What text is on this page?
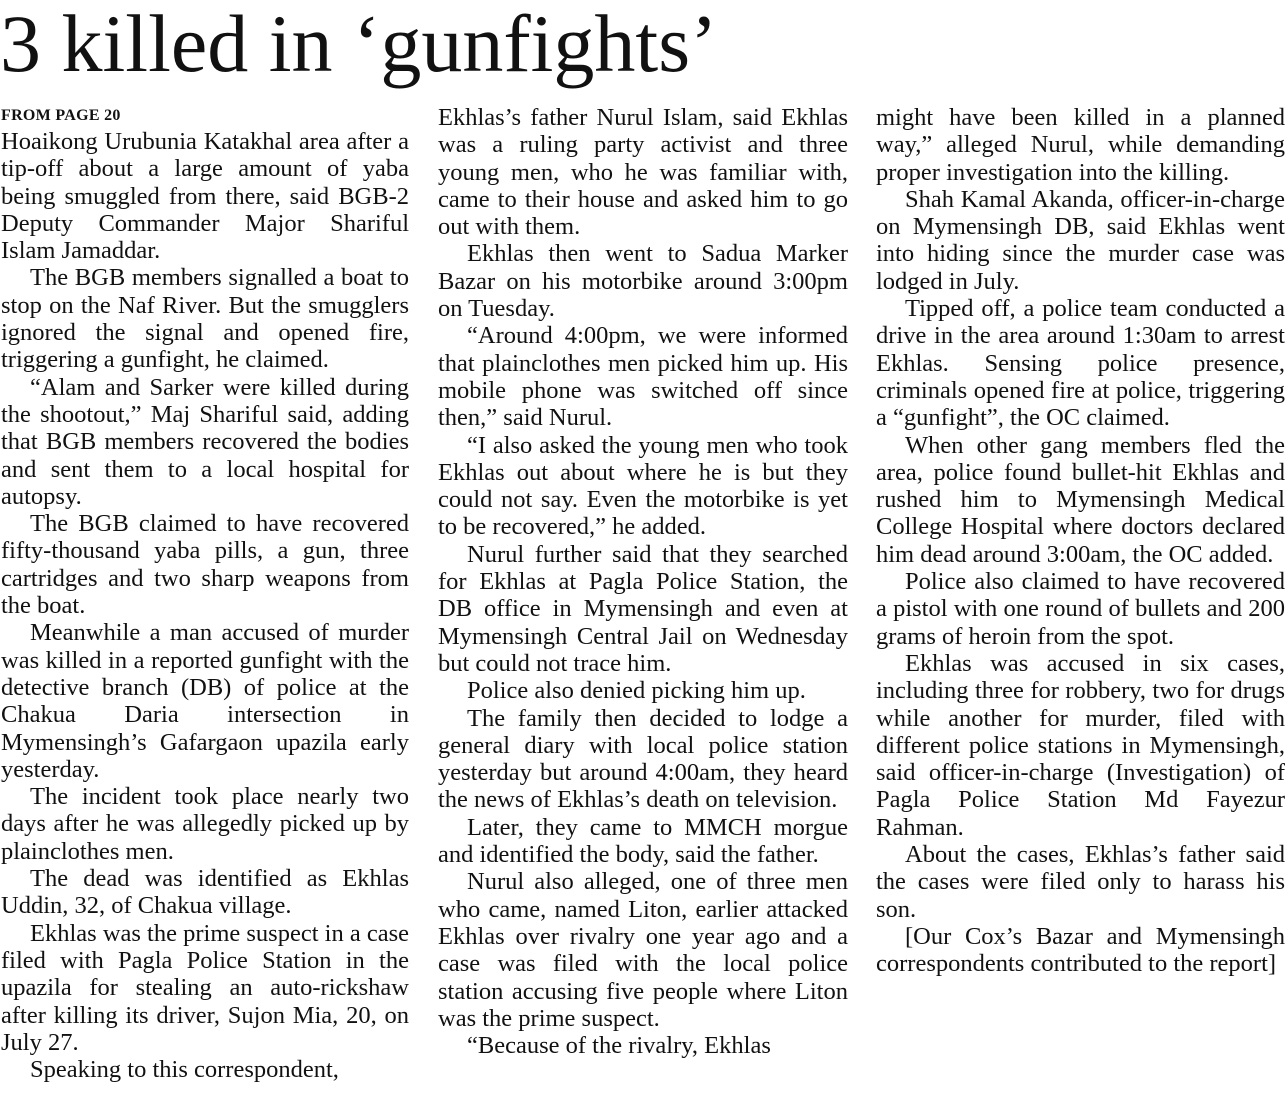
3 killed in ‘gunfights’
FROM PAGE 20

Hoaikong Urubunia Katakhal area after a tip-off about a large amount of yaba being smuggled from there, said BGB-2 Deputy Commander Major Shariful Islam Jamaddar.

The BGB members signalled a boat to stop on the Naf River. But the smugglers ignored the signal and opened fire, triggering a gunfight, he claimed.

“Alam and Sarker were killed during the shootout,” Maj Shariful said, adding that BGB members recovered the bodies and sent them to a local hospital for autopsy.

The BGB claimed to have recovered fifty-thousand yaba pills, a gun, three cartridges and two sharp weapons from the boat.

Meanwhile a man accused of murder was killed in a reported gunfight with the detective branch (DB) of police at the Chakua Daria intersection in Mymensingh’s Gafargaon upazila early yesterday.

The incident took place nearly two days after he was allegedly picked up by plainclothes men.

The dead was identified as Ekhlas Uddin, 32, of Chakua village.

Ekhlas was the prime suspect in a case filed with Pagla Police Station in the upazila for stealing an auto-rickshaw after killing its driver, Sujon Mia, 20, on July 27.

Speaking to this correspondent,

Ekhlas’s father Nurul Islam, said Ekhlas was a ruling party activist and three young men, who he was familiar with, came to their house and asked him to go out with them.

Ekhlas then went to Sadua Marker Bazar on his motorbike around 3:00pm on Tuesday.

“Around 4:00pm, we were informed that plainclothes men picked him up. His mobile phone was switched off since then,” said Nurul.

“I also asked the young men who took Ekhlas out about where he is but they could not say. Even the motorbike is yet to be recovered,” he added.

Nurul further said that they searched for Ekhlas at Pagla Police Station, the DB office in Mymensingh and even at Mymensingh Central Jail on Wednesday but could not trace him.

Police also denied picking him up.

The family then decided to lodge a general diary with local police station yesterday but around 4:00am, they heard the news of Ekhlas’s death on television.

Later, they came to MMCH morgue and identified the body, said the father.

Nurul also alleged, one of three men who came, named Liton, earlier attacked Ekhlas over rivalry one year ago and a case was filed with the local police station accusing five people where Liton was the prime suspect.

“Because of the rivalry, Ekhlas

might have been killed in a planned way,” alleged Nurul, while demanding proper investigation into the killing.

Shah Kamal Akanda, officer-in-charge on Mymensingh DB, said Ekhlas went into hiding since the murder case was lodged in July.

Tipped off, a police team conducted a drive in the area around 1:30am to arrest Ekhlas. Sensing police presence, criminals opened fire at police, triggering a “gunfight”, the OC claimed.

When other gang members fled the area, police found bullet-hit Ekhlas and rushed him to Mymensingh Medical College Hospital where doctors declared him dead around 3:00am, the OC added.

Police also claimed to have recovered a pistol with one round of bullets and 200 grams of heroin from the spot.

Ekhlas was accused in six cases, including three for robbery, two for drugs while another for murder, filed with different police stations in Mymensingh, said officer-in-charge (Investigation) of Pagla Police Station Md Fayezur Rahman.

About the cases, Ekhlas’s father said the cases were filed only to harass his son.

[Our Cox’s Bazar and Mymensingh correspondents contributed to the report]
